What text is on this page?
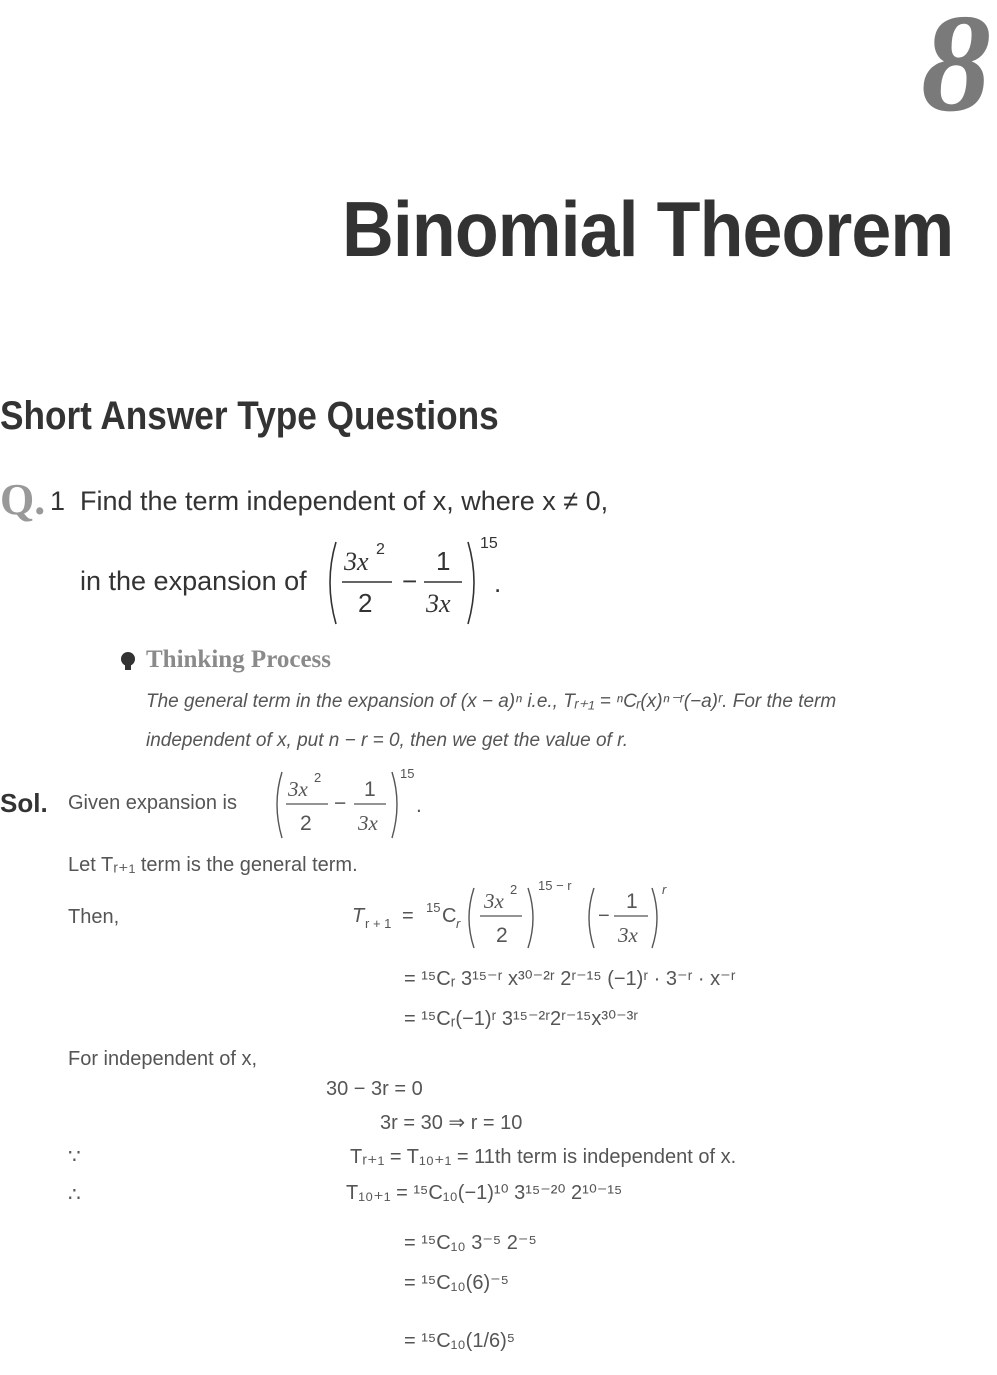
8
Binomial Theorem
Short Answer Type Questions
Q. 1 Find the term independent of x, where x ≠ 0,
in the expansion of
3x 2
2
−
1
3x
15
.
Thinking Process
The general term in the expansion of (x − a)ⁿ i.e., Tᵣ₊₁ = ⁿCᵣ(x)ⁿ⁻ʳ(−a)ʳ. For the term
independent of x, put n − r = 0, then we get the value of r.
Sol. Given expansion is
3x 2
2
−
1
3x
15
.
Let Tᵣ₊₁ term is the general term.
Then,	T r + 1 = 15 C r
3x 2
2
15 − r
−
1
3x
r
= ¹⁵Cᵣ 3¹⁵⁻ʳ x³⁰⁻²ʳ 2ʳ⁻¹⁵ (−1)ʳ · 3⁻ʳ · x⁻ʳ
= ¹⁵Cᵣ(−1)ʳ 3¹⁵⁻²ʳ2ʳ⁻¹⁵x³⁰⁻³ʳ
For independent of x,
30 − 3r = 0
3r = 30 ⇒ r = 10
∵	Tᵣ₊₁ = T₁₀₊₁ = 11th term is independent of x.
∴	T₁₀₊₁ = ¹⁵C₁₀(−1)¹⁰ 3¹⁵⁻²⁰ 2¹⁰⁻¹⁵
= ¹⁵C₁₀ 3⁻⁵ 2⁻⁵
= ¹⁵C₁₀(6)⁻⁵
= ¹⁵C₁₀(1/6)⁵
